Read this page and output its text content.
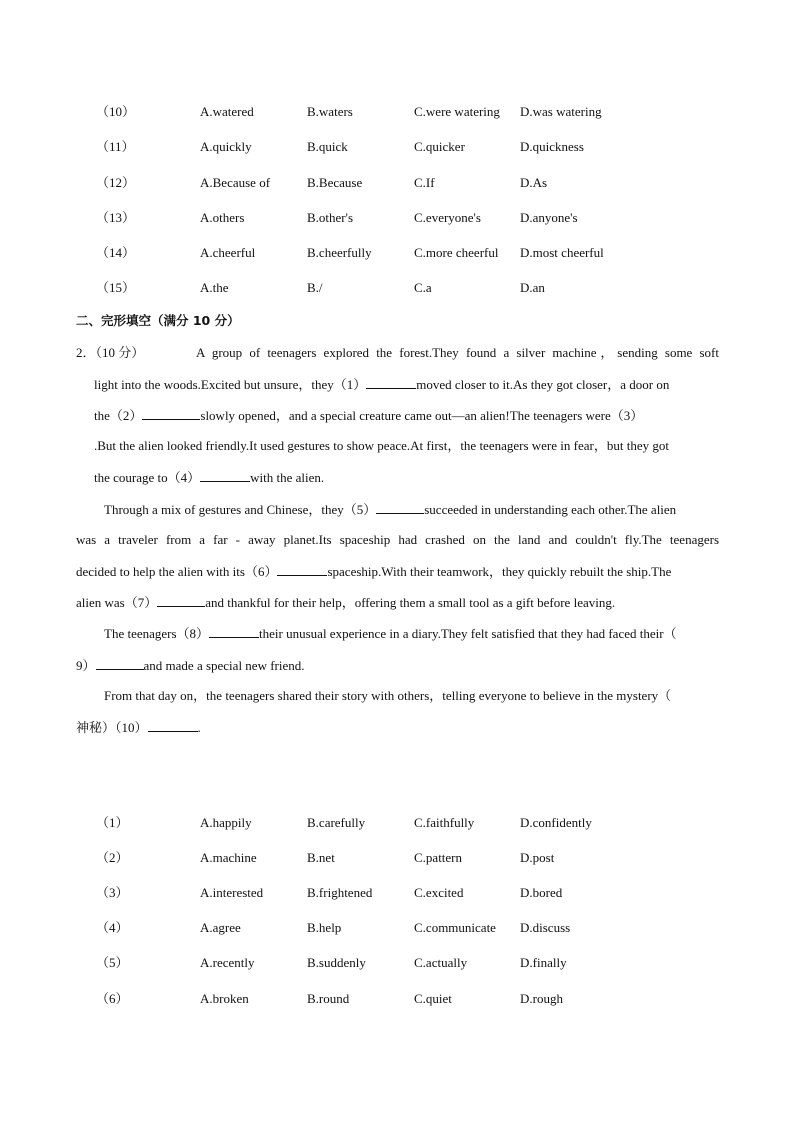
（10）	A.watered	B.waters	C.were watering D.was watering
（11）	A.quickly	B.quick	C.quicker	D.quickness
（12）	A.Because of	B.Because	C.If	D.As
（13）	A.others	B.other's	C.everyone's	D.anyone's
（14）	A.cheerful	B.cheerfully	C.more cheerful D.most cheerful
（15）	A.the	B./	C.a	D.an
二、完形填空（满分 10 分）
2．（10 分）	A group of teenagers explored the forest.They found a silver machine，sending some soft
light into the woods.Excited but unsure，they（1）	moved closer to it.As they got closer，a door on
the（2）	slowly opened，and a special creature came out—an alien!The teenagers were（3）
.But the alien looked friendly.It used gestures to show peace.At first，the teenagers were in fear，but they got
the courage to（4）	with the alien.
Through a mix of gestures and Chinese，they（5）	succeeded in understanding each other.The alien
was a traveler from a far - away planet.Its spaceship had crashed on the land and couldn't fly.The teenagers
decided to help the alien with its（6）	spaceship.With their teamwork，they quickly rebuilt the ship.The
alien was（7）	and thankful for their help，offering them a small tool as a gift before leaving.
The teenagers（8）	their unusual experience in a diary.They felt satisfied that they had faced their（
9）	and made a special new friend.
From that day on，the teenagers shared their story with others，telling everyone to believe in the mystery（
神秘）（10）	.
（1）	A.happily	B.carefully	C.faithfully	D.confidently
（2）	A.machine	B.net	C.pattern	D.post
（3）	A.interested	B.frightened	C.excited	D.bored
（4）	A.agree	B.help	C.communicate D.discuss
（5）	A.recently	B.suddenly	C.actually	D.finally
（6）	A.broken	B.round	C.quiet	D.rough
